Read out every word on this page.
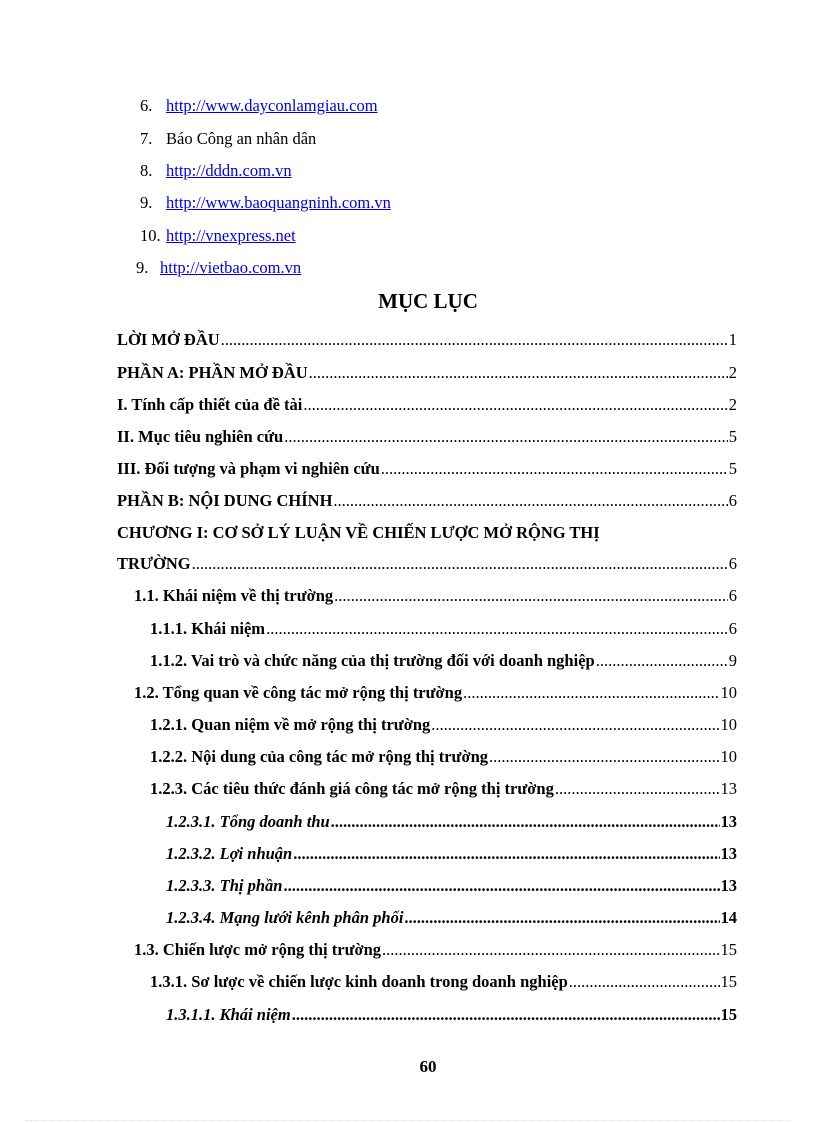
6. http://www.dayconlamgiau.com
7. Báo Công an nhân dân
8. http://dddn.com.vn
9. http://www.baoquangninh.com.vn
10. http://vnexpress.net
9. http://vietbao.com.vn
MỤC LỤC
LỜI MỞ ĐẦU .....	1
PHẦN A: PHẦN MỞ ĐẦU .....	2
I. Tính cấp thiết của đề tài .....	2
II. Mục tiêu nghiên cứu .....	5
III. Đối tượng và phạm vi nghiên cứu .....	5
PHẦN B: NỘI DUNG CHÍNH .....	6
CHƯƠNG I: CƠ SỞ LÝ LUẬN VỀ CHIẾN LƯỢC MỞ RỘNG THỊ
TRƯỜNG .....	6
1.1. Khái niệm về thị trường .....	6
1.1.1. Khái niệm .....	6
1.1.2. Vai trò và chức năng của thị trường đối với doanh nghiệp .....	9
1.2. Tổng quan về công tác mở rộng thị trường .....	10
1.2.1. Quan niệm về mở rộng thị trường .....	10
1.2.2. Nội dung của công tác mở rộng thị trường .....	10
1.2.3. Các tiêu thức đánh giá công tác mở rộng thị trường .....	13
1.2.3.1. Tổng doanh thu .....	13
1.2.3.2. Lợi nhuận .....	13
1.2.3.3. Thị phần .....	13
1.2.3.4. Mạng lưới kênh phân phối .....	14
1.3. Chiến lược mở rộng thị trường .....	15
1.3.1. Sơ lược về chiến lược kinh doanh trong doanh nghiệp .....	15
1.3.1.1. Khái niệm .....	15
60
